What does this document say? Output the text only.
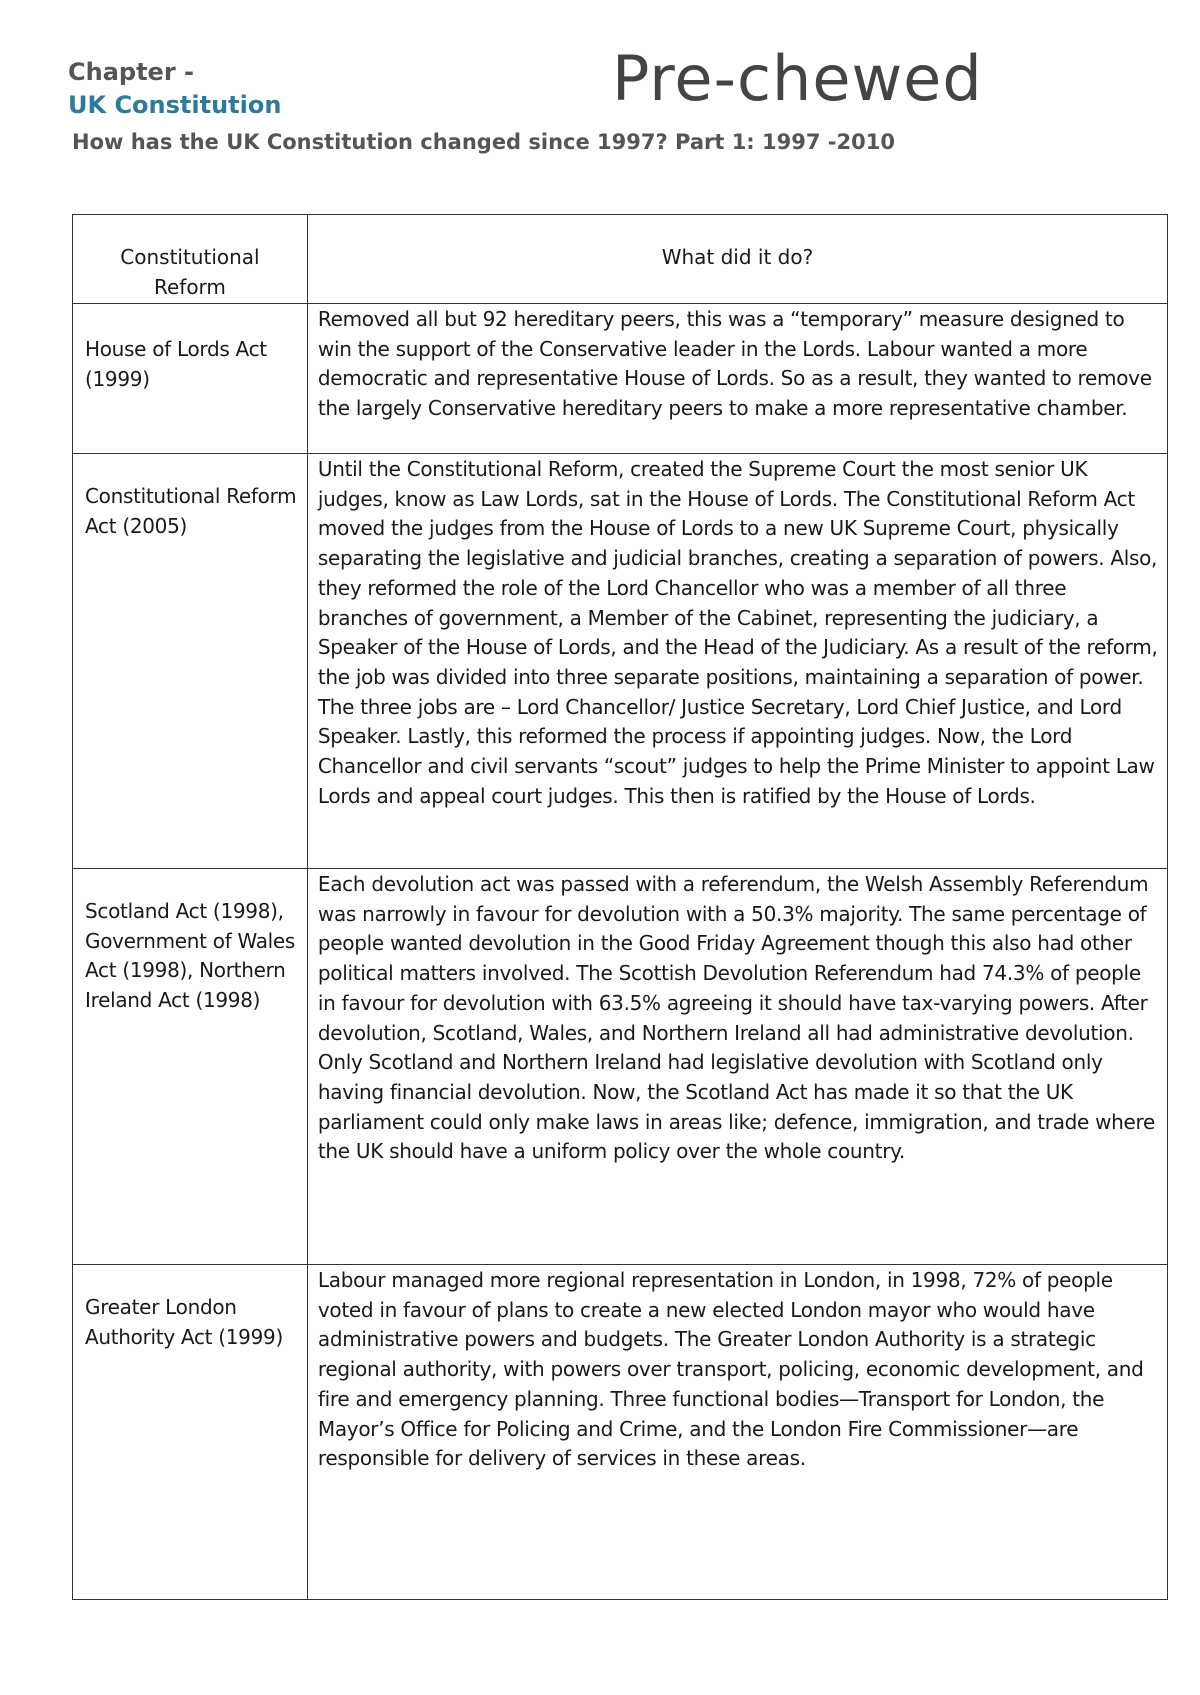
Chapter -
UK Constitution	Pre-chewed
How has the UK Constitution changed since 1997? Part 1: 1997 -2010
Constitutional Reform	What did it do?

House of Lords Act (1999)	Removed all but 92 hereditary peers, this was a “temporary” measure designed to win the support of the Conservative leader in the Lords. Labour wanted a more democratic and representative House of Lords. So as a result, they wanted to remove the largely Conservative hereditary peers to make a more representative chamber.

Constitutional Reform Act (2005)	Until the Constitutional Reform, created the Supreme Court the most senior UK judges, know as Law Lords, sat in the House of Lords. The Constitutional Reform Act moved the judges from the House of Lords to a new UK Supreme Court, physically separating the legislative and judicial branches, creating a separation of powers. Also, they reformed the role of the Lord Chancellor who was a member of all three branches of government, a Member of the Cabinet, representing the judiciary, a Speaker of the House of Lords, and the Head of the Judiciary. As a result of the reform, the job was divided into three separate positions, maintaining a separation of power. The three jobs are – Lord Chancellor/ Justice Secretary, Lord Chief Justice, and Lord Speaker. Lastly, this reformed the process if appointing judges. Now, the Lord Chancellor and civil servants “scout” judges to help the Prime Minister to appoint Law Lords and appeal court judges. This then is ratified by the House of Lords.

Scotland Act (1998), Government of Wales Act (1998), Northern Ireland Act (1998)	Each devolution act was passed with a referendum, the Welsh Assembly Referendum was narrowly in favour for devolution with a 50.3% majority. The same percentage of people wanted devolution in the Good Friday Agreement though this also had other political matters involved. The Scottish Devolution Referendum had 74.3% of people in favour for devolution with 63.5% agreeing it should have tax-varying powers. After devolution, Scotland, Wales, and Northern Ireland all had administrative devolution. Only Scotland and Northern Ireland had legislative devolution with Scotland only having financial devolution. Now, the Scotland Act has made it so that the UK parliament could only make laws in areas like; defence, immigration, and trade where the UK should have a uniform policy over the whole country.

Greater London Authority Act (1999)	Labour managed more regional representation in London, in 1998, 72% of people voted in favour of plans to create a new elected London mayor who would have administrative powers and budgets. The Greater London Authority is a strategic regional authority, with powers over transport, policing, economic development, and fire and emergency planning. Three functional bodies—Transport for London, the Mayor’s Office for Policing and Crime, and the London Fire Commissioner—are responsible for delivery of services in these areas.
